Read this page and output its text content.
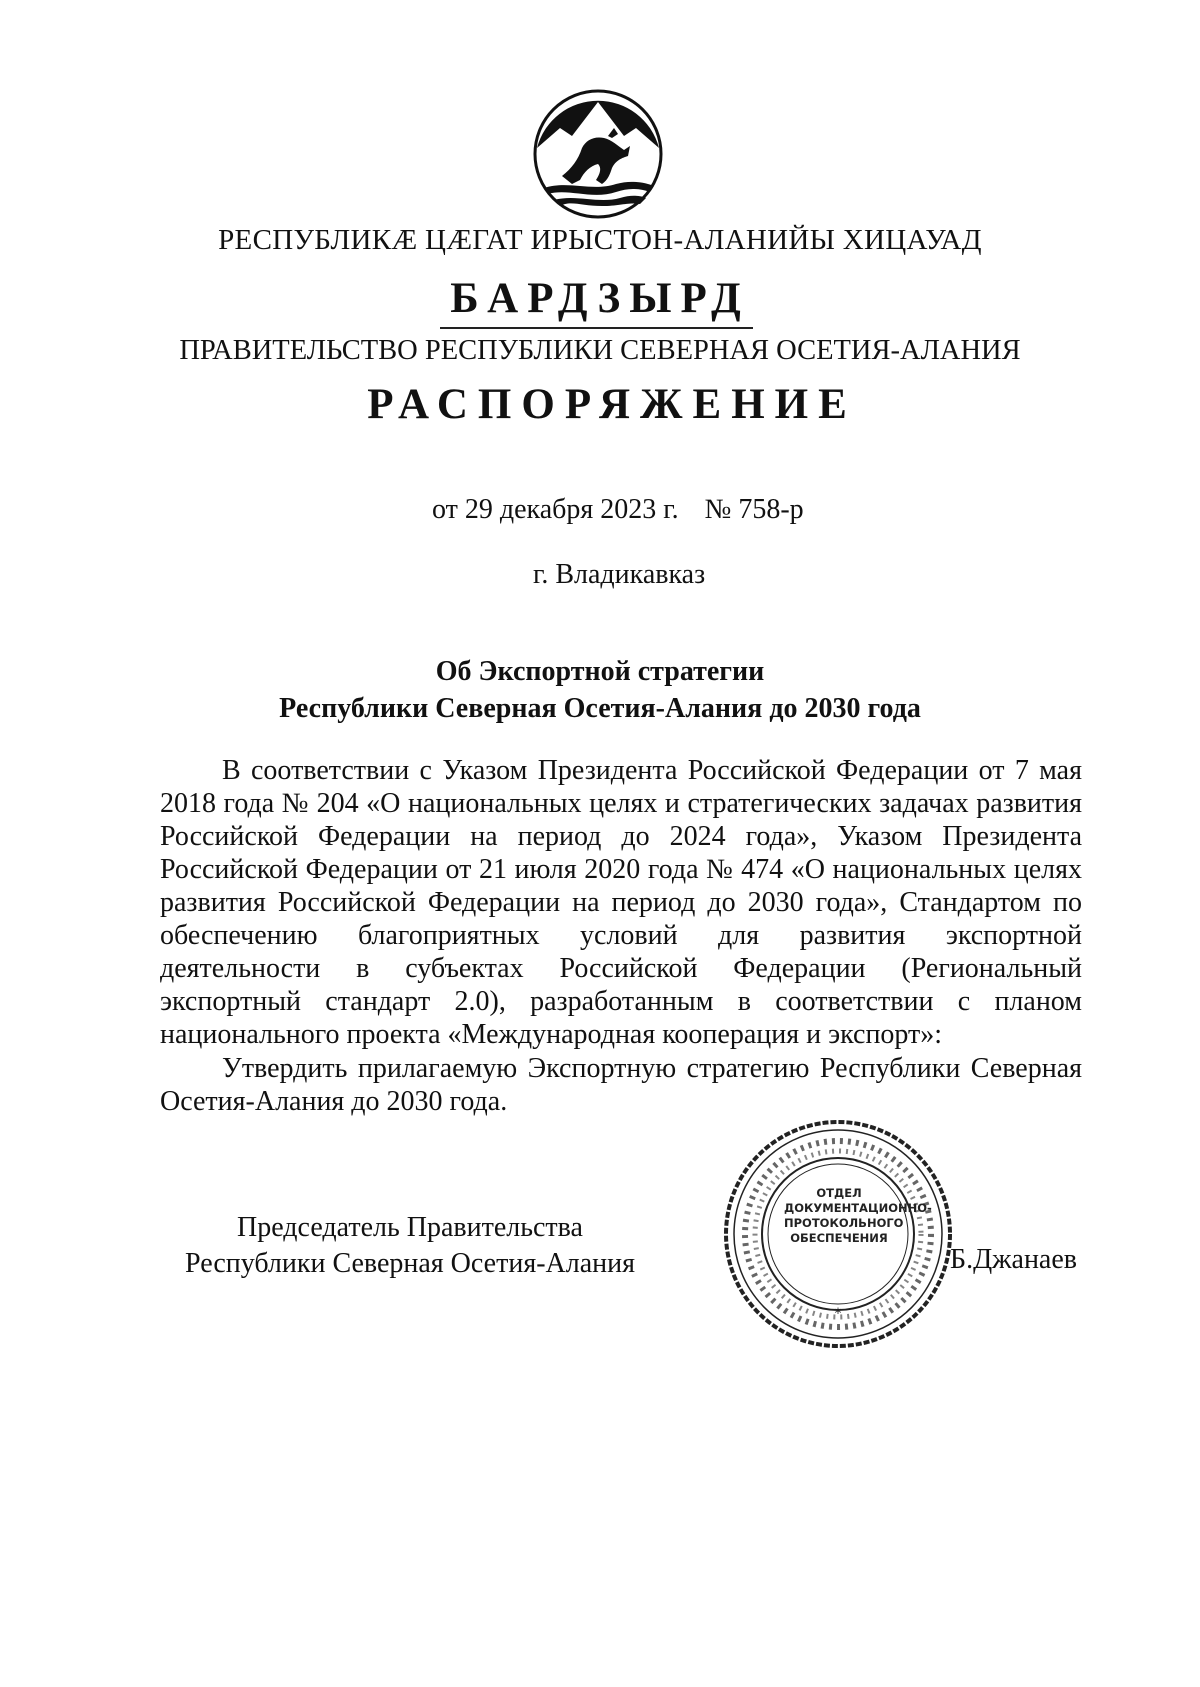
РЕСПУБЛИКÆ ЦÆГАТ ИРЫСТОН-АЛАНИЙЫ ХИЦАУАД
БАРДЗЫРД
ПРАВИТЕЛЬСТВО РЕСПУБЛИКИ СЕВЕРНАЯ ОСЕТИЯ-АЛАНИЯ
РАСПОРЯЖЕНИЕ
от 29 декабря 2023 г. № 758-р
г. Владикавказ
Об Экспортной стратегии
Республики Северная Осетия-Алания до 2030 года

В соответствии с Указом Президента Российской Федерации от 7 мая 2018 года № 204 «О национальных целях и стратегических задачах развития Российской Федерации на период до 2024 года», Указом Президента Российской Федерации от 21 июля 2020 года № 474 «О национальных целях развития Российской Федерации на период до 2030 года», Стандартом по обеспечению благоприятных условий для развития экспортной деятельности в субъектах Российской Федерации (Региональный экспортный стандарт 2.0), разработанным в соответствии с планом национального проекта «Международная кооперация и экспорт»:

Утвердить прилагаемую Экспортную стратегию Республики Северная Осетия-Алания до 2030 года.

Председатель Правительства
Республики Северная Осетия-Алания
*
ОТДЕЛ
ДОКУМЕНТАЦИОННО-
ПРОТОКОЛЬНОГО
ОБЕСПЕЧЕНИЯ
Б.Джанаев
